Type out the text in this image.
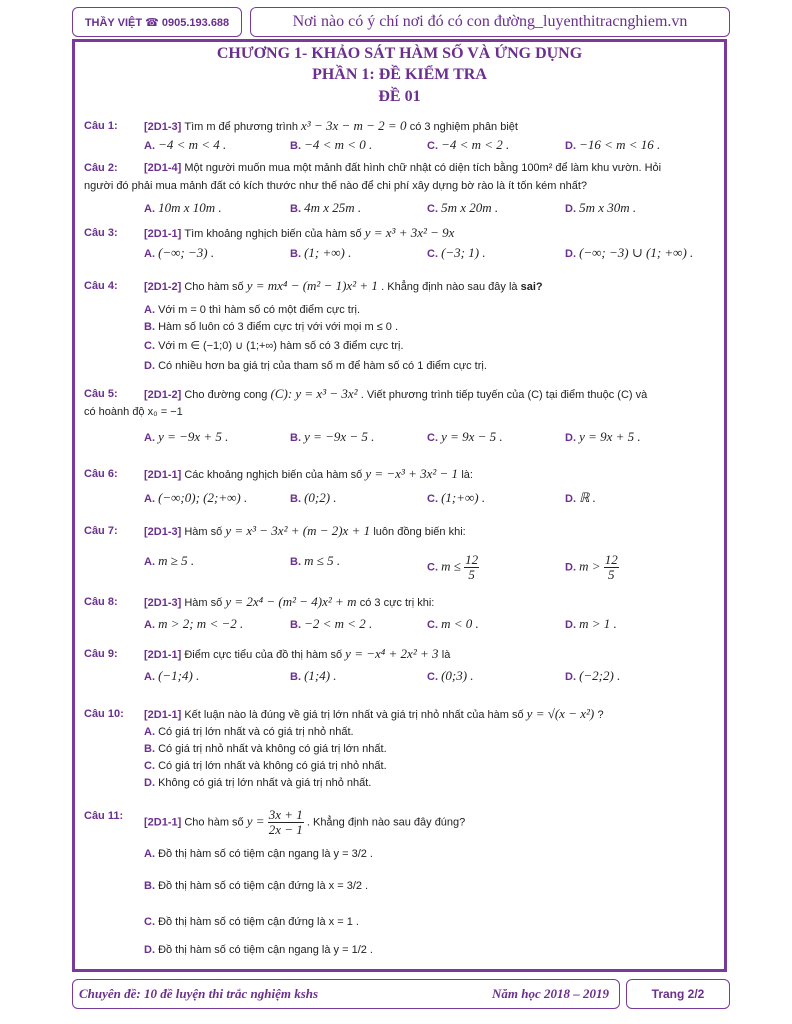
THẦY VIỆT ☎ 0905.193.688	Nơi nào có ý chí nơi đó có con đường_luyenthitracnghiem.vn
CHƯƠNG 1- KHẢO SÁT HÀM SỐ VÀ ỨNG DỤNG
PHẦN 1: ĐỀ KIỂM TRA
ĐỀ 01
Câu 1: [2D1-3] Tìm m để phương trình x³ − 3x − m − 2 = 0 có 3 nghiệm phân biệt
A. −4 < m < 4 .	B. −4 < m < 0 .	C. −4 < m < 2 .	D. −16 < m < 16 .
Câu 2: [2D1-4] Một người muốn mua một mảnh đất hình chữ nhật có diện tích bằng 100m² để làm khu vườn. Hỏi
người đó phải mua mảnh đất có kích thước như thế nào để chi phí xây dựng bờ rào là ít tốn kém nhất?
A. 10m x 10m .	B. 4m x 25m .	C. 5m x 20m .	D. 5m x 30m .
Câu 3: [2D1-1] Tìm khoảng nghịch biến của hàm số y = x³ + 3x² − 9x
A. (−∞; −3) .	B. (1; +∞) .	C. (−3; 1) .	D. (−∞; −3) ∪ (1; +∞) .
Câu 4: [2D1-2] Cho hàm số y = mx⁴ − (m² − 1)x² + 1 . Khẳng định nào sau đây là sai?
A. Với m = 0 thì hàm số có một điểm cực trị.
B. Hàm số luôn có 3 điểm cực trị với với mọi m ≤ 0 .
C. Với m ∈ (−1;0) ∪ (1;+∞) hàm số có 3 điểm cực trị.
D. Có nhiều hơn ba giá trị của tham số m để hàm số có 1 điểm cực trị.
Câu 5: [2D1-2] Cho đường cong (C): y = x³ − 3x² . Viết phương trình tiếp tuyến của (C) tại điểm thuộc (C) và
có hoành độ x₀ = −1
A. y = −9x + 5 .	B. y = −9x − 5 .	C. y = 9x − 5 .	D. y = 9x + 5 .
Câu 6: [2D1-1] Các khoảng nghịch biến của hàm số y = −x³ + 3x² − 1 là:
A. (−∞;0); (2;+∞) .	B. (0;2) .	C. (1;+∞) .	D. ℝ .
Câu 7: [2D1-3] Hàm số y = x³ − 3x² + (m − 2)x + 1 luôn đồng biến khi:
A. m ≥ 5 .	B. m ≤ 5 .	C. $m \le \frac{12}{5}$	D. $m > \frac{12}{5}$
Câu 8: [2D1-3] Hàm số y = 2x⁴ − (m² − 4)x² + m có 3 cực trị khi:
A. m > 2; m < −2 .	B. −2 < m < 2 .	C. m < 0 .	D. m > 1 .
Câu 9: [2D1-1] Điểm cực tiểu của đồ thị hàm số y = −x⁴ + 2x² + 3 là
A. (−1;4) .	B. (1;4) .	C. (0;3) .	D. (−2;2) .
Câu 10: [2D1-1] Kết luận nào là đúng về giá trị lớn nhất và giá trị nhỏ nhất của hàm số y = √(x − x²) ?
A. Có giá trị lớn nhất và có giá trị nhỏ nhất.
B. Có giá trị nhỏ nhất và không có giá trị lớn nhất.
C. Có giá trị lớn nhất và không có giá trị nhỏ nhất.
D. Không có giá trị lớn nhất và giá trị nhỏ nhất.
Câu 11:
[2D1-1] Cho hàm số $y = \frac{3x + 1}{2x - 1}$ . Khẳng định nào sau đây đúng?
A. Đồ thị hàm số có tiệm cận ngang là y = 3/2 .
B. Đồ thị hàm số có tiệm cận đứng là x = 3/2 .
C. Đồ thị hàm số có tiệm cận đứng là x = 1 .
D. Đồ thị hàm số có tiệm cận ngang là y = 1/2 .
Chuyên đề: 10 đề luyện thi trắc nghiệm kshs	Năm học 2018 – 2019	Trang 2/2
